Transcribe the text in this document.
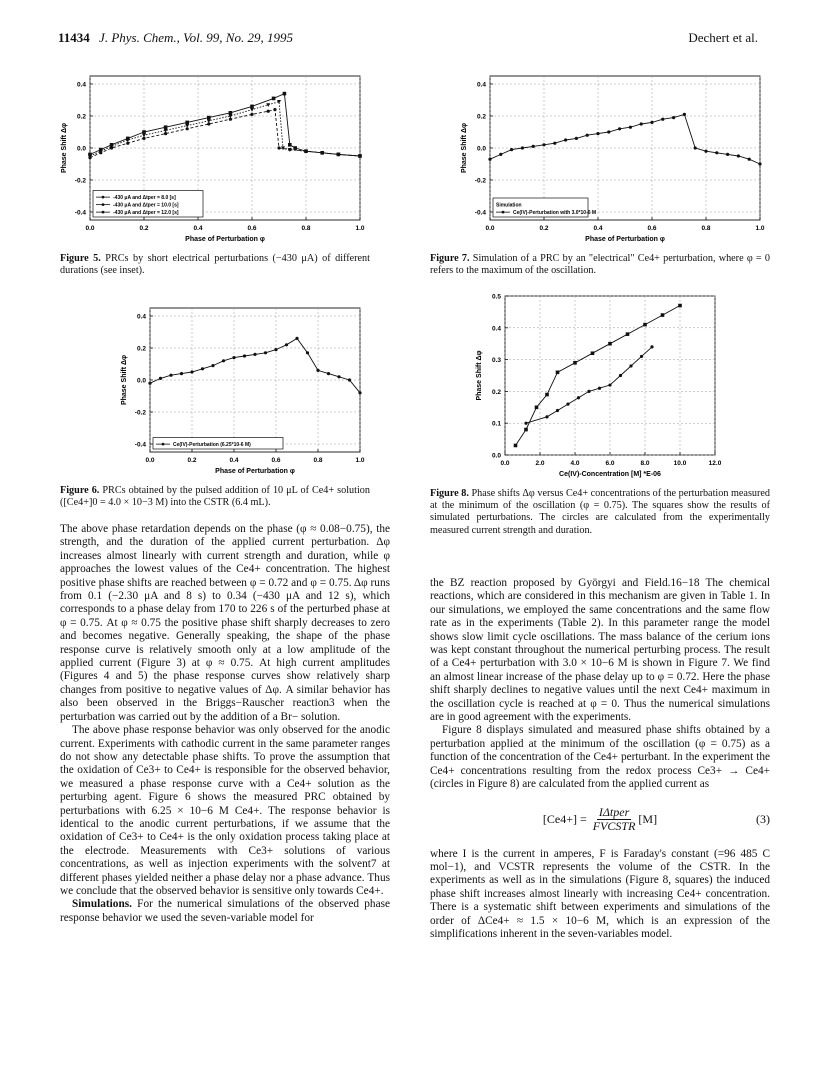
11434 J. Phys. Chem., Vol. 99, No. 29, 1995	Dechert et al.
0.0	0.2	0.4	0.6	0.8	1.0
-0.4
-0.2
0.0
0.2
0.4
Phase of Perturbation φ
Phase Shift Δφ
-430 μA and Δtper = 8.0 [s]
-430 μA and Δtper = 10.0 [s]
-430 μA and Δtper = 12.0 [s]
Figure 5. PRCs by short electrical perturbations (−430 μA) of different durations (see inset).
0.0	0.2	0.4	0.6	0.8	1.0
-0.4
-0.2
0.0
0.2
0.4
Phase of Perturbation φ
Phase Shift Δφ
Simulation
Ce(IV)-Perturbation with 3.0*10-6 M
Figure 7. Simulation of a PRC by an "electrical" Ce4+ perturbation, where φ = 0 refers to the maximum of the oscillation.
0.0	0.2	0.4	0.6	0.8	1.0
-0.4
-0.2
0.0
0.2
0.4
Phase of Perturbation φ
Phase Shift Δφ
Ce(IV)-Perturbation (6.25*10-6 M)
Figure 6. PRCs obtained by the pulsed addition of 10 μL of Ce4+ solution ([Ce4+]0 = 4.0 × 10−3 M) into the CSTR (6.4 mL).
0.0	2.0	4.0	6.0	8.0	10.0	12.0
0.0
0.1
0.2
0.3
0.4
0.5
Ce(IV)-Concentration [M] *E-06
Phase Shift Δφ
Figure 8. Phase shifts Δφ versus Ce4+ concentrations of the perturbation measured at the minimum of the oscillation (φ = 0.75). The squares show the results of simulated perturbations. The circles are calculated from the experimentally measured current strength and duration.

The above phase retardation depends on the phase (φ ≈ 0.08−0.75), the strength, and the duration of the applied current perturbation. Δφ increases almost linearly with current strength and duration, while φ approaches the lowest values of the Ce4+ concentration. The highest positive phase shifts are reached between φ = 0.72 and φ = 0.75. Δφ runs from 0.1 (−2.30 μA and 8 s) to 0.34 (−430 μA and 12 s), which corresponds to a phase delay from 170 to 226 s of the perturbed phase at φ = 0.75. At φ ≈ 0.75 the positive phase shift sharply decreases to zero and becomes negative. Generally speaking, the shape of the phase response curve is relatively smooth only at a low amplitude of the applied current (Figure 3) at φ ≈ 0.75. At high current amplitudes (Figures 4 and 5) the phase response curves show relatively sharp changes from positive to negative values of Δφ. A similar behavior has also been observed in the Briggs−Rauscher reaction3 when the perturbation was carried out by the addition of a Br− solution.

The above phase response behavior was only observed for the anodic current. Experiments with cathodic current in the same parameter ranges do not show any detectable phase shifts. To prove the assumption that the oxidation of Ce3+ to Ce4+ is responsible for the observed behavior, we measured a phase response curve with a Ce4+ solution as the perturbing agent. Figure 6 shows the measured PRC obtained by perturbations with 6.25 × 10−6 M Ce4+. The response behavior is identical to the anodic current perturbations, if we assume that the oxidation of Ce3+ to Ce4+ is the only oxidation process taking place at the electrode. Measurements with Ce3+ solutions of various concentrations, as well as injection experiments with the solvent7 at different phases yielded neither a phase delay nor a phase advance. Thus we conclude that the observed behavior is sensitive only towards Ce4+.

Simulations. For the numerical simulations of the observed phase response behavior we used the seven-variable model for

the BZ reaction proposed by Györgyi and Field.16−18 The chemical reactions, which are considered in this mechanism are given in Table 1. In our simulations, we employed the same concentrations and the same flow rate as in the experiments (Table 2). In this parameter range the model shows slow limit cycle oscillations. The mass balance of the cerium ions was kept constant throughout the numerical perturbing process. The result of a Ce4+ perturbation with 3.0 × 10−6 M is shown in Figure 7. We find an almost linear increase of the phase delay up to φ = 0.72. Here the phase shift sharply declines to negative values until the next Ce4+ maximum in the oscillation cycle is reached at φ = 0. Thus the numerical simulations are in good agreement with the experiments.

Figure 8 displays simulated and measured phase shifts obtained by a perturbation applied at the minimum of the oscillation (φ = 0.75) as a function of the concentration of the Ce4+ perturbant. In the experiment the Ce4+ concentrations resulting from the redox process Ce3+ → Ce4+ (circles in Figure 8) are calculated from the applied current as

[Ce4+] =
IΔtper
FVCSTR
[M]	(3)

where I is the current in amperes, F is Faraday's constant (=96 485 C mol−1), and VCSTR represents the volume of the CSTR. In the experiments as well as in the simulations (Figure 8, squares) the induced phase shift increases almost linearly with increasing Ce4+ concentration. There is a systematic shift between experiments and simulations of the order of ΔCe4+ ≈ 1.5 × 10−6 M, which is an expression of the simplifications inherent in the seven-variables model.
